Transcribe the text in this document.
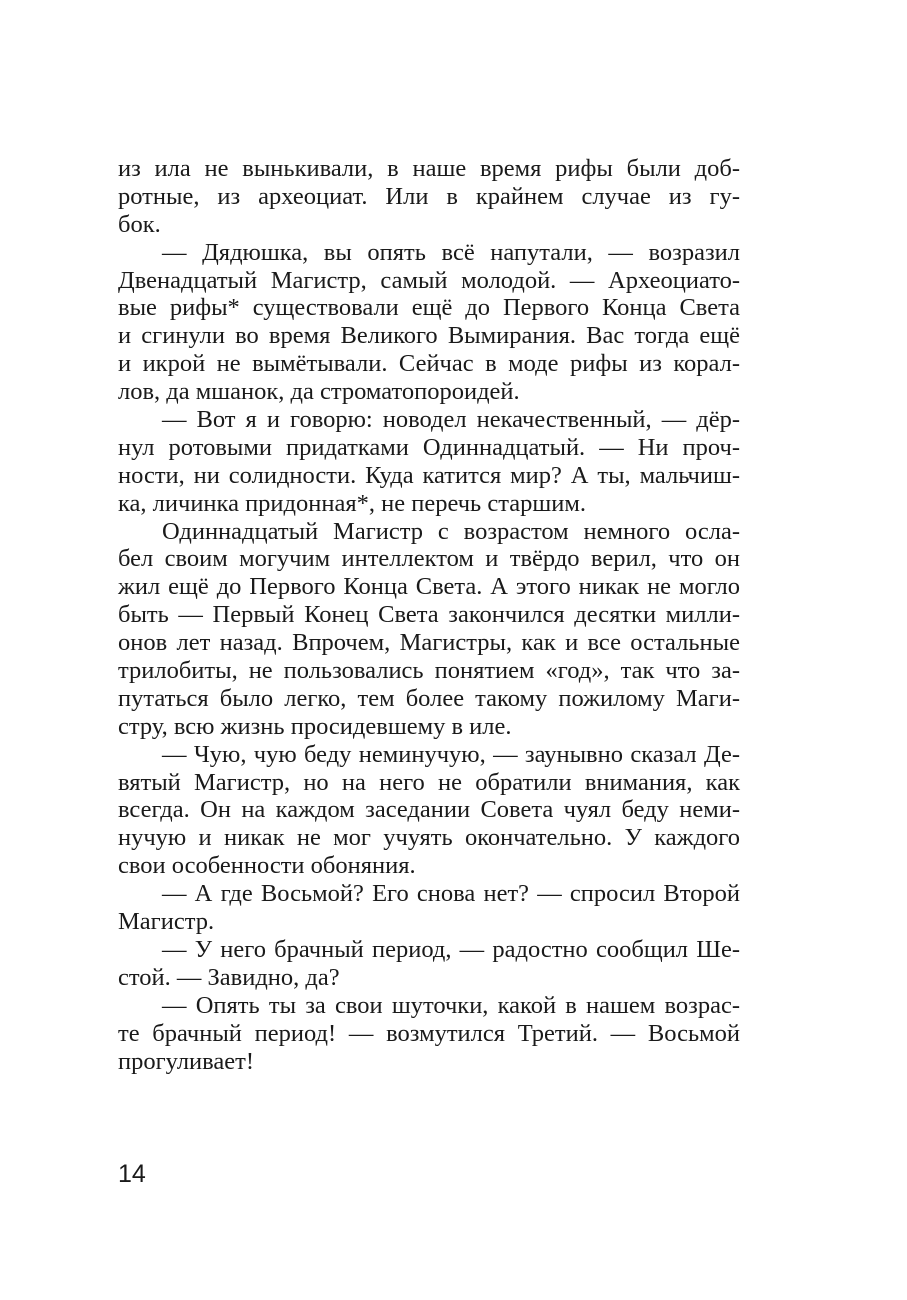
из ила не вынькивали, в наше время рифы были доб-
ротные, из археоциат. Или в крайнем случае из гу-
бок.
— Дядюшка, вы опять всё напутали, — возразил
Двенадцатый Магистр, самый молодой. — Археоциато-
вые рифы* существовали ещё до Первого Конца Света
и сгинули во время Великого Вымирания. Вас тогда ещё
и икрой не вымётывали. Сейчас в моде рифы из корал-
лов, да мшанок, да строматопороидей.
— Вот я и говорю: новодел некачественный, — дёр-
нул ротовыми придатками Одиннадцатый. — Ни проч-
ности, ни солидности. Куда катится мир? А ты, мальчиш-
ка, личинка придонная*, не перечь старшим.
Одиннадцатый Магистр с возрастом немного осла-
бел своим могучим интеллектом и твёрдо верил, что он
жил ещё до Первого Конца Света. А этого никак не могло
быть — Первый Конец Света закончился десятки милли-
онов лет назад. Впрочем, Магистры, как и все остальные
трилобиты, не пользовались понятием «год», так что за-
путаться было легко, тем более такому пожилому Маги-
стру, всю жизнь просидевшему в иле.
— Чую, чую беду неминучую, — заунывно сказал Де-
вятый Магистр, но на него не обратили внимания, как
всегда. Он на каждом заседании Совета чуял беду неми-
нучую и никак не мог учуять окончательно. У каждого
свои особенности обоняния.
— А где Восьмой? Его снова нет? — спросил Второй
Магистр.
— У него брачный период, — радостно сообщил Ше-
стой. — Завидно, да?
— Опять ты за свои шуточки, какой в нашем возрас-
те брачный период! — возмутился Третий. — Восьмой
прогуливает!
14
